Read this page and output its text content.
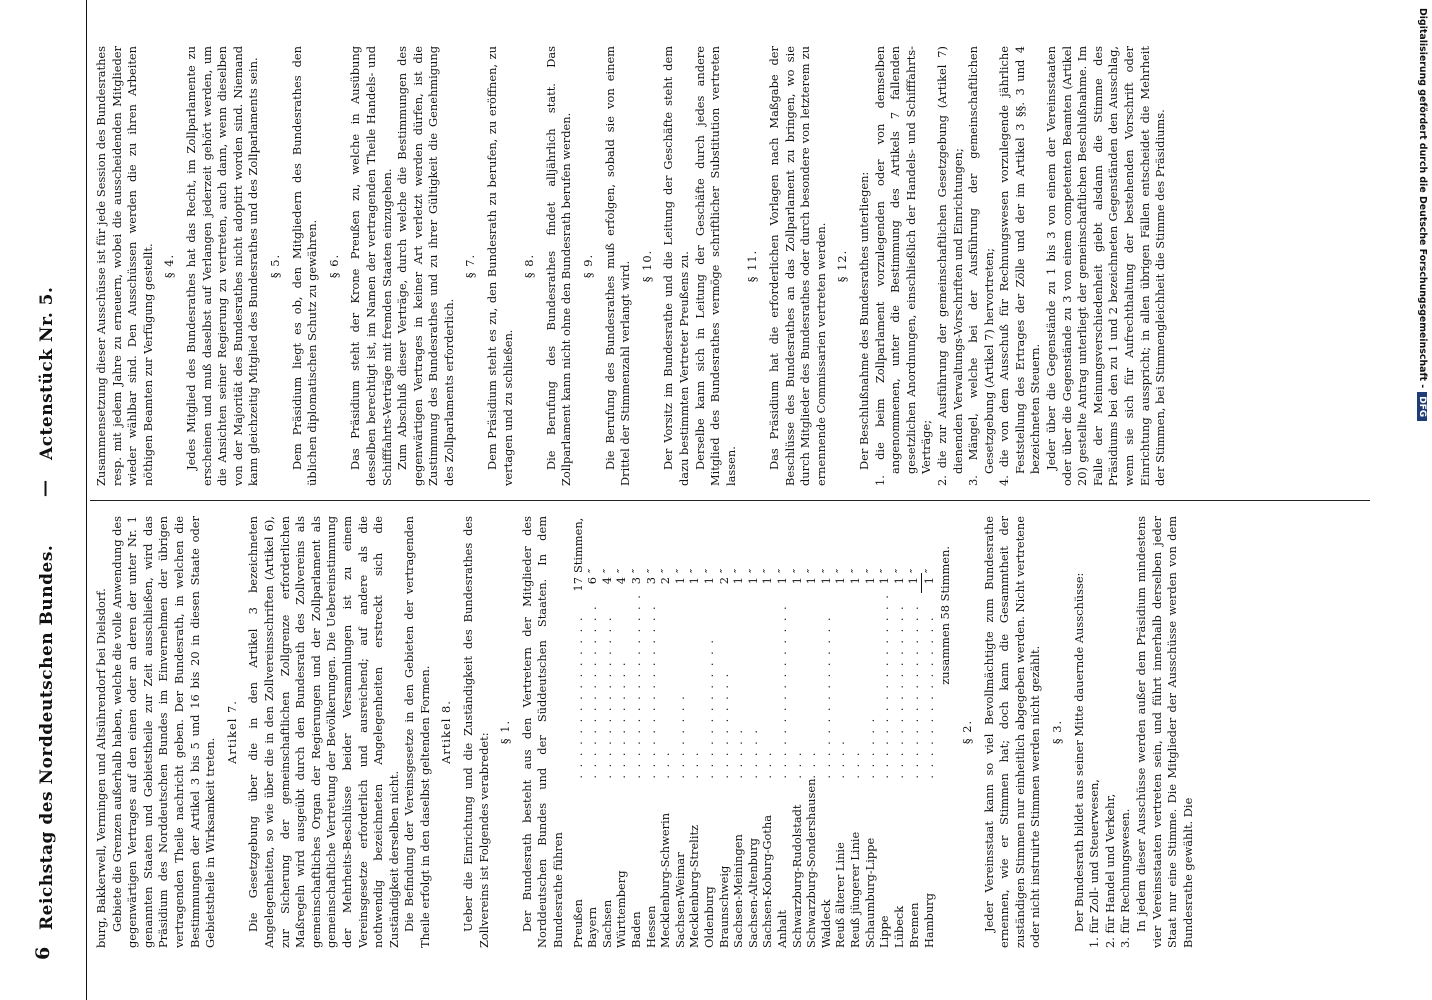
6
Reichstag des Norddeutschen Bundes.
—
Actenstück Nr. 5.

burg, Bakkerwell, Vermingen und Altsührendorf bei Dielsdorf. Gebiete die Grenzen außerhalb haben, welche die volle Anwendung des gegenwärtigen Vertrages auf den einen oder an deren der unter Nr. 1 genannten Staaten und Gebietstheile zur Zeit ausschließen, wird das Präsidium des Norddeutschen Bundes im Einvernehmen der übrigen vertragenden Theile nachricht geben. Der Bundesrath, in welchen die Bestimmungen der Artikel 3 bis 5 und 16 bis 20 in diesen Staate oder Gebietstheile in Wirksamkeit treten.

Artikel 7. Die Gesetzgebung über die in den Artikel 3 bezeichneten Angelegenheiten, so wie über die in den Zollvereinsschriften (Artikel 6), zur Sicherung der gemeinschaftlichen Zollgrenze erforderlichen Maßregeln wird ausgeübt durch den Bundesrath des Zollvereins als gemeinschaftliches Organ der Regierungen und der Zollparlament als gemeinschaftliche Vertretung der Bevölkerungen. Die Uebereinstimmung der Mehrheits-Beschlüsse beider Versammlungen ist zu einem Vereinsgesetze erforderlich und ausreichend; auf andere als die nothwendig bezeichneten Angelegenheiten erstreckt sich die Zuständigkeit derselben nicht. Die Befindung der Vereinsgesetze in den Gebieten der vertragenden Theile erfolgt in den daselbst geltenden Formen. Artikel 8. Ueber die Einrichtung und die Zuständigkeit des Bundesrathes des Zollvereins ist Folgendes verabredet:

§ 1. Der Bundesrath besteht aus den Vertretern der Mitglieder des Norddeutschen Bundes und der Süddeutschen Staaten. In dem Bundesrathe führen Preußen	. . . . . . . . . . . . . . .	17	Stimmen,
Bayern	. . . . . . . . . . . . . . . .	6	″
Sachsen	. . . . . . . . . . . . . . .	4	″
Württemberg	. . . . . . . . . . .	4	″
Baden	. . . . . . . . . . . . . . . . .	3	″
Hessen	. . . . . . . . . . . . . . . .	3	″
Mecklenburg-Schwerin	. . .	2	″
Sachsen-Weimar	. . . . . . . .	1	″
Mecklenburg-Strelitz	. . .	1	″
Oldenburg	. . . . . . . . . . . . .	1	″
Braunschweig	. . . . . . . . . .	2	″
Sachsen-Meiningen	. . . . .	1	″
Sachsen-Altenburg	. . . . .	1	″
Sachsen-Koburg-Gotha	. . .	1	″
Anhalt	. . . . . . . . . . . . . . . .	1	″
Schwarzburg-Rudolstadt	. . .	1	″
Schwarzburg-Sondershausen	. . .	1	″
Waldeck	. . . . . . . . . . . . . . .	1	″
Reuß älterer Linie	. . . .	1	″
Reuß jüngerer Linie	. . .	1	″
Schaumburg-Lippe	. . . . . .	1	″
Lippe	. . . . . . . . . . . . . . . . .	1	″
Lübeck	. . . . . . . . . . . . . . . .	1	″
Bremen	. . . . . . . . . . . . . . . .	1	″
Hamburg	. . . . . . . . . . . . . . .	1	″ zusammen 58 Stimmen.

§ 2. Jeder Vereinsstaat kann so viel Bevollmächtigte zum Bundesrathe ernennen, wie er Stimmen hat; doch kann die Gesammtheit der zuständigen Stimmen nur einheitlich abgegeben werden. Nicht vertretene oder nicht instruirte Stimmen werden nicht gezählt. § 3. Der Bundesrath bildet aus seiner Mitte dauernde Ausschüsse: 1. für Zoll- und Steuerwesen, 2. für Handel und Verkehr, 3. für Rechnungswesen. In jedem dieser Ausschüsse werden außer dem Präsidium mindestens vier Vereinsstaaten vertreten sein, und führt innerhalb derselben jeder Staat nur eine Stimme. Die Mitglieder der Ausschüsse werden von dem Bundesrathe gewählt. Die

Zusammensetzung dieser Ausschüsse ist für jede Session des Bundesrathes resp. mit jedem Jahre zu erneuern, wobei die ausscheidenden Mitglieder wieder wählbar sind. Den Ausschüssen werden die zu ihren Arbeiten nöthigen Beamten zur Verfügung gestellt. § 4. Jedes Mitglied des Bundesrathes hat das Recht, im Zollparlamente zu erscheinen und muß daselbst auf Verlangen jederzeit gehört werden, um die Ansichten seiner Regierung zu vertreten, auch dann, wenn dieselben von der Majorität des Bundesrathes nicht adoptirt worden sind. Niemand kann gleichzeitig Mitglied des Bundesrathes und des Zollparlaments sein. § 5. Dem Präsidium liegt es ob, den Mitgliedern des Bundesrathes den üblichen diplomatischen Schutz zu gewähren. § 6. Das Präsidium steht der Krone Preußen zu, welche in Ausübung desselben berechtigt ist, im Namen der vertragenden Theile Handels- und Schifffahrts-Verträge mit fremden Staaten einzugehen. Zum Abschluß dieser Verträge, durch welche die Bestimmungen des gegenwärtigen Vertrages in keiner Art verletzt werden dürfen, ist die Zustimmung des Bundesrathes und zu ihrer Gültigkeit die Genehmigung des Zollparlaments erforderlich.

§ 7. Dem Präsidium steht es zu, den Bundesrath zu berufen, zu eröffnen, zu vertagen und zu schließen.

§ 8. Die Berufung des Bundesrathes findet alljährlich statt. Das Zollparlament kann nicht ohne den Bundesrath berufen werden. § 9. Die Berufung des Bundesrathes muß erfolgen, sobald sie von einem Drittel der Stimmenzahl verlangt wird. § 10. Der Vorsitz im Bundesrathe und die Leitung der Geschäfte steht dem dazu bestimmten Vertreter Preußens zu. Derselbe kann sich in Leitung der Geschäfte durch jedes andere Mitglied des Bundesrathes vermöge schriftlicher Substitution vertreten lassen.

§ 11. Das Präsidium hat die erforderlichen Vorlagen nach Maßgabe der Beschlüsse des Bundesrathes an das Zollparlament zu bringen, wo sie durch Mitglieder des Bundesrathes oder durch besondere von letzterem zu ernennende Commissarien vertreten werden. § 12. Der Beschlußnahme des Bundesrathes unterliegen: 1. die beim Zollparlament vorzulegenden oder von demselben angenommenen, unter die Bestimmung des Artikels 7 fallenden gesetzlichen Anordnungen, einschließlich der Handels- und Schifffahrts-Verträge; 2. die zur Ausführung der gemeinschaftlichen Gesetzgebung (Artikel 7) dienenden Verwaltungs-Vorschriften und Einrichtungen; 3. Mängel, welche bei der Ausführung der gemeinschaftlichen Gesetzgebung (Artikel 7) hervortreten; 4. die von dem Ausschuß für Rechnungswesen vorzulegende jährliche Feststellung des Ertrages der Zölle und der im Artikel 3 §§. 3 und 4 bezeichneten Steuern. Jeder über die Gegenstände zu 1 bis 3 von einem der Vereinsstaaten oder über die Gegenstände zu 3 von einem competenten Beamten (Artikel 20) gestellte Antrag unterliegt der gemeinschaftlichen Beschlußnahme. Im Falle der Meinungsverschiedenheit giebt alsdann die Stimme des Präsidiums bei den zu 1 und 2 bezeichneten Gegenständen den Ausschlag, wenn sie sich für Aufrechthaltung der bestehenden Vorschrift oder Einrichtung ausspricht; in allen übrigen Fällen entscheidet die Mehrheit der Stimmen, bei Stimmengleichheit die Stimme des Präsidiums.	Digitalisierung gefördert durch die Deutsche Forschungsgemeinschaft -DFG
